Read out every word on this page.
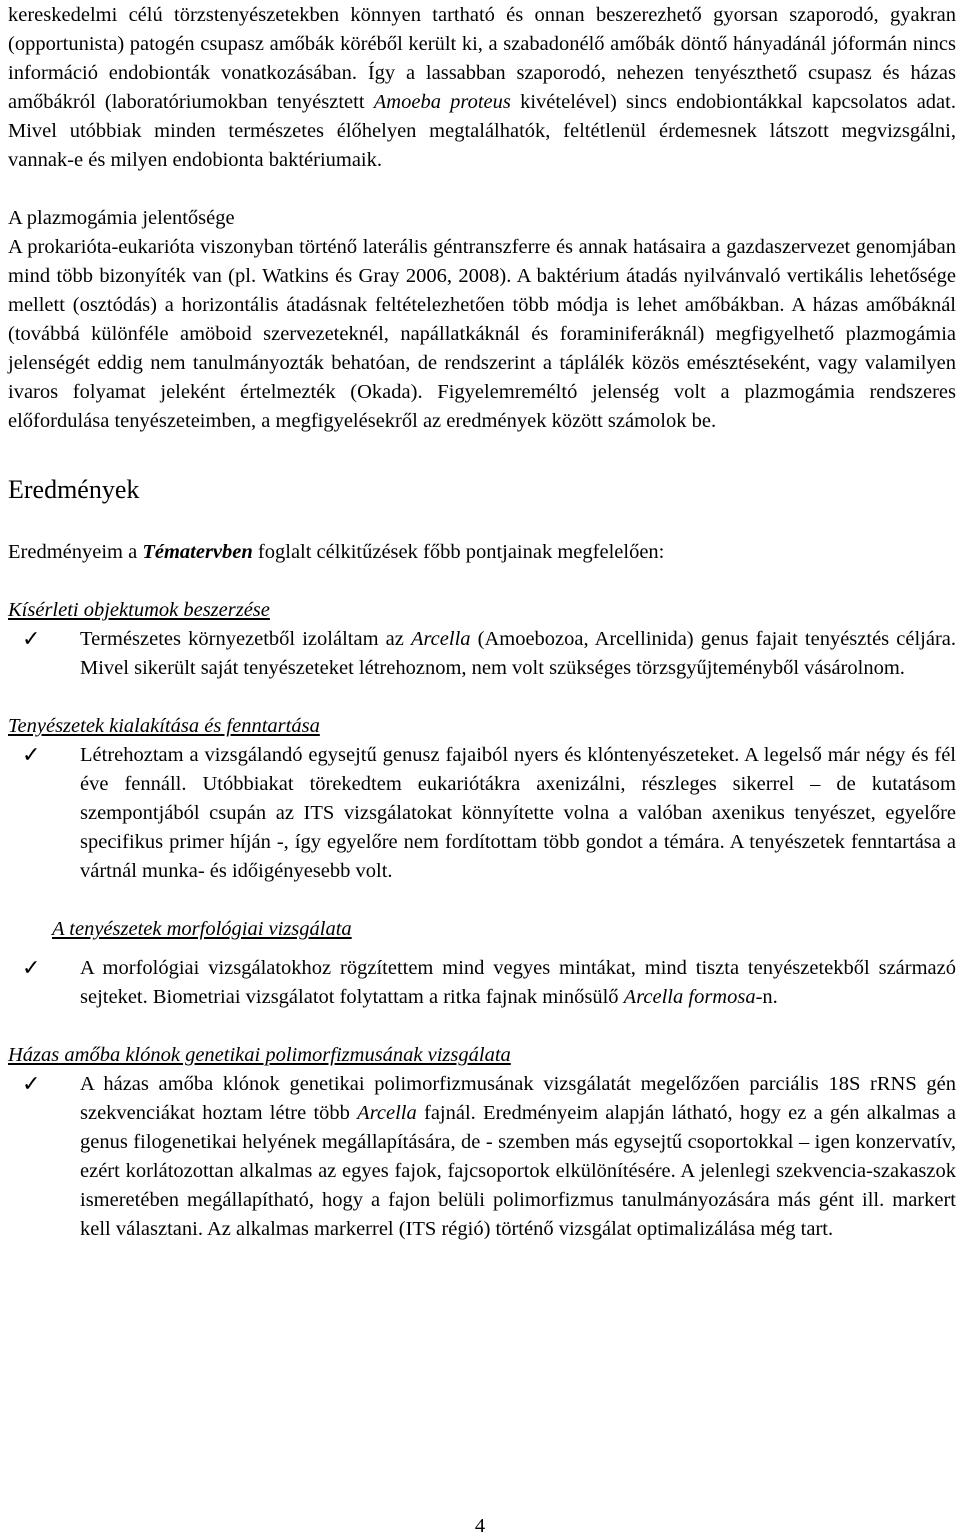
kereskedelmi célú törzstenyészetekben könnyen tartható és onnan beszerezhető gyorsan szaporodó, gyakran (opportunista) patogén csupasz amőbák köréből került ki, a szabadonélő amőbák döntő hányadánál jóformán nincs információ endobionták vonatkozásában. Így a lassabban szaporodó, nehezen tenyészthető csupasz és házas amőbákról (laboratóriumokban tenyésztett Amoeba proteus kivételével) sincs endobiontákkal kapcsolatos adat. Mivel utóbbiak minden természetes élőhelyen megtalálhatók, feltétlenül érdemesnek látszott megvizsgálni, vannak-e és milyen endobionta baktériumaik.

A plazmogámia jelentősége

A prokarióta-eukarióta viszonyban történő laterális géntranszferre és annak hatásaira a gazdaszervezet genomjában mind több bizonyíték van (pl. Watkins és Gray 2006, 2008). A baktérium átadás nyilvánvaló vertikális lehetősége mellett (osztódás) a horizontális átadásnak feltételezhetően több módja is lehet amőbákban. A házas amőbáknál (továbbá különféle amöboid szervezeteknél, napállatkáknál és foraminiferáknál) megfigyelhető plazmogámia jelenségét eddig nem tanulmányozták behatóan, de rendszerint a táplálék közös emésztéseként, vagy valamilyen ivaros folyamat jeleként értelmezték (Okada). Figyelemreméltó jelenség volt a plazmogámia rendszeres előfordulása tenyészeteimben, a megfigyelésekről az eredmények között számolok be.

Eredmények

Eredményeim a Tématervben foglalt célkitűzések főbb pontjainak megfelelően:

Kísérleti objektumok beszerzése

✓ Természetes környezetből izoláltam az Arcella (Amoebozoa, Arcellinida) genus fajait tenyésztés céljára. Mivel sikerült saját tenyészeteket létrehoznom, nem volt szükséges törzsgyűjteményből vásárolnom.

Tenyészetek kialakítása és fenntartása

✓ Létrehoztam a vizsgálandó egysejtű genusz fajaiból nyers és klóntenyészeteket. A legelső már négy és fél éve fennáll. Utóbbiakat törekedtem eukariótákra axenizálni, részleges sikerrel – de kutatásom szempontjából csupán az ITS vizsgálatokat könnyítette volna a valóban axenikus tenyészet, egyelőre specifikus primer híján -, így egyelőre nem fordítottam több gondot a témára. A tenyészetek fenntartása a vártnál munka- és időigényesebb volt.

A tenyészetek morfológiai vizsgálata

✓ A morfológiai vizsgálatokhoz rögzítettem mind vegyes mintákat, mind tiszta tenyészetekből származó sejteket. Biometriai vizsgálatot folytattam a ritka fajnak minősülő Arcella formosa-n.

Házas amőba klónok genetikai polimorfizmusának vizsgálata

✓ A házas amőba klónok genetikai polimorfizmusának vizsgálatát megelőzően parciális 18S rRNS gén szekvenciákat hoztam létre több Arcella fajnál. Eredményeim alapján látható, hogy ez a gén alkalmas a genus filogenetikai helyének megállapítására, de - szemben más egysejtű csoportokkal – igen konzervatív, ezért korlátozottan alkalmas az egyes fajok, fajcsoportok elkülönítésére. A jelenlegi szekvencia-szakaszok ismeretében megállapítható, hogy a fajon belüli polimorfizmus tanulmányozására más gént ill. markert kell választani. Az alkalmas markerrel (ITS régió) történő vizsgálat optimalizálása még tart.

4
